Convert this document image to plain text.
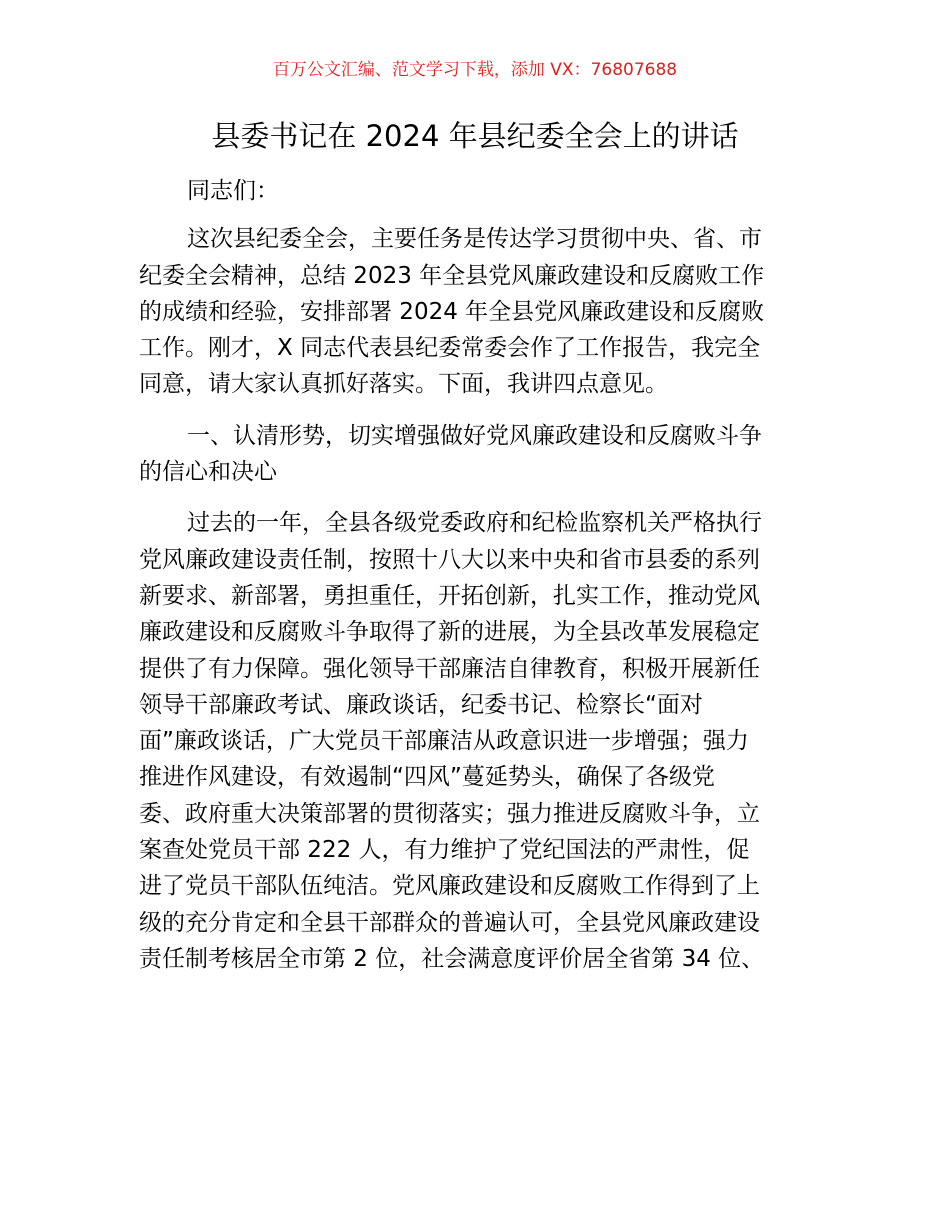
百万公文汇编、范文学习下载，添加 VX：76807688
县委书记在 2024 年县纪委全会上的讲话
同志们：
这次县纪委全会，主要任务是传达学习贯彻中央、省、市
纪委全会精神，总结 2023 年全县党风廉政建设和反腐败工作
的成绩和经验，安排部署 2024 年全县党风廉政建设和反腐败
工作。刚才，X 同志代表县纪委常委会作了工作报告，我完全
同意，请大家认真抓好落实。下面，我讲四点意见。
一、认清形势，切实增强做好党风廉政建设和反腐败斗争
的信心和决心
过去的一年，全县各级党委政府和纪检监察机关严格执行
党风廉政建设责任制，按照十八大以来中央和省市县委的系列
新要求、新部署，勇担重任，开拓创新，扎实工作，推动党风
廉政建设和反腐败斗争取得了新的进展，为全县改革发展稳定
提供了有力保障。强化领导干部廉洁自律教育，积极开展新任
领导干部廉政考试、廉政谈话，纪委书记、检察长“面对
面”廉政谈话，广大党员干部廉洁从政意识进一步增强；强力
推进作风建设，有效遏制“四风”蔓延势头，确保了各级党
委、政府重大决策部署的贯彻落实；强力推进反腐败斗争，立
案查处党员干部 222 人，有力维护了党纪国法的严肃性，促
进了党员干部队伍纯洁。党风廉政建设和反腐败工作得到了上
级的充分肯定和全县干部群众的普遍认可，全县党风廉政建设
责任制考核居全市第 2 位，社会满意度评价居全省第 34 位、
